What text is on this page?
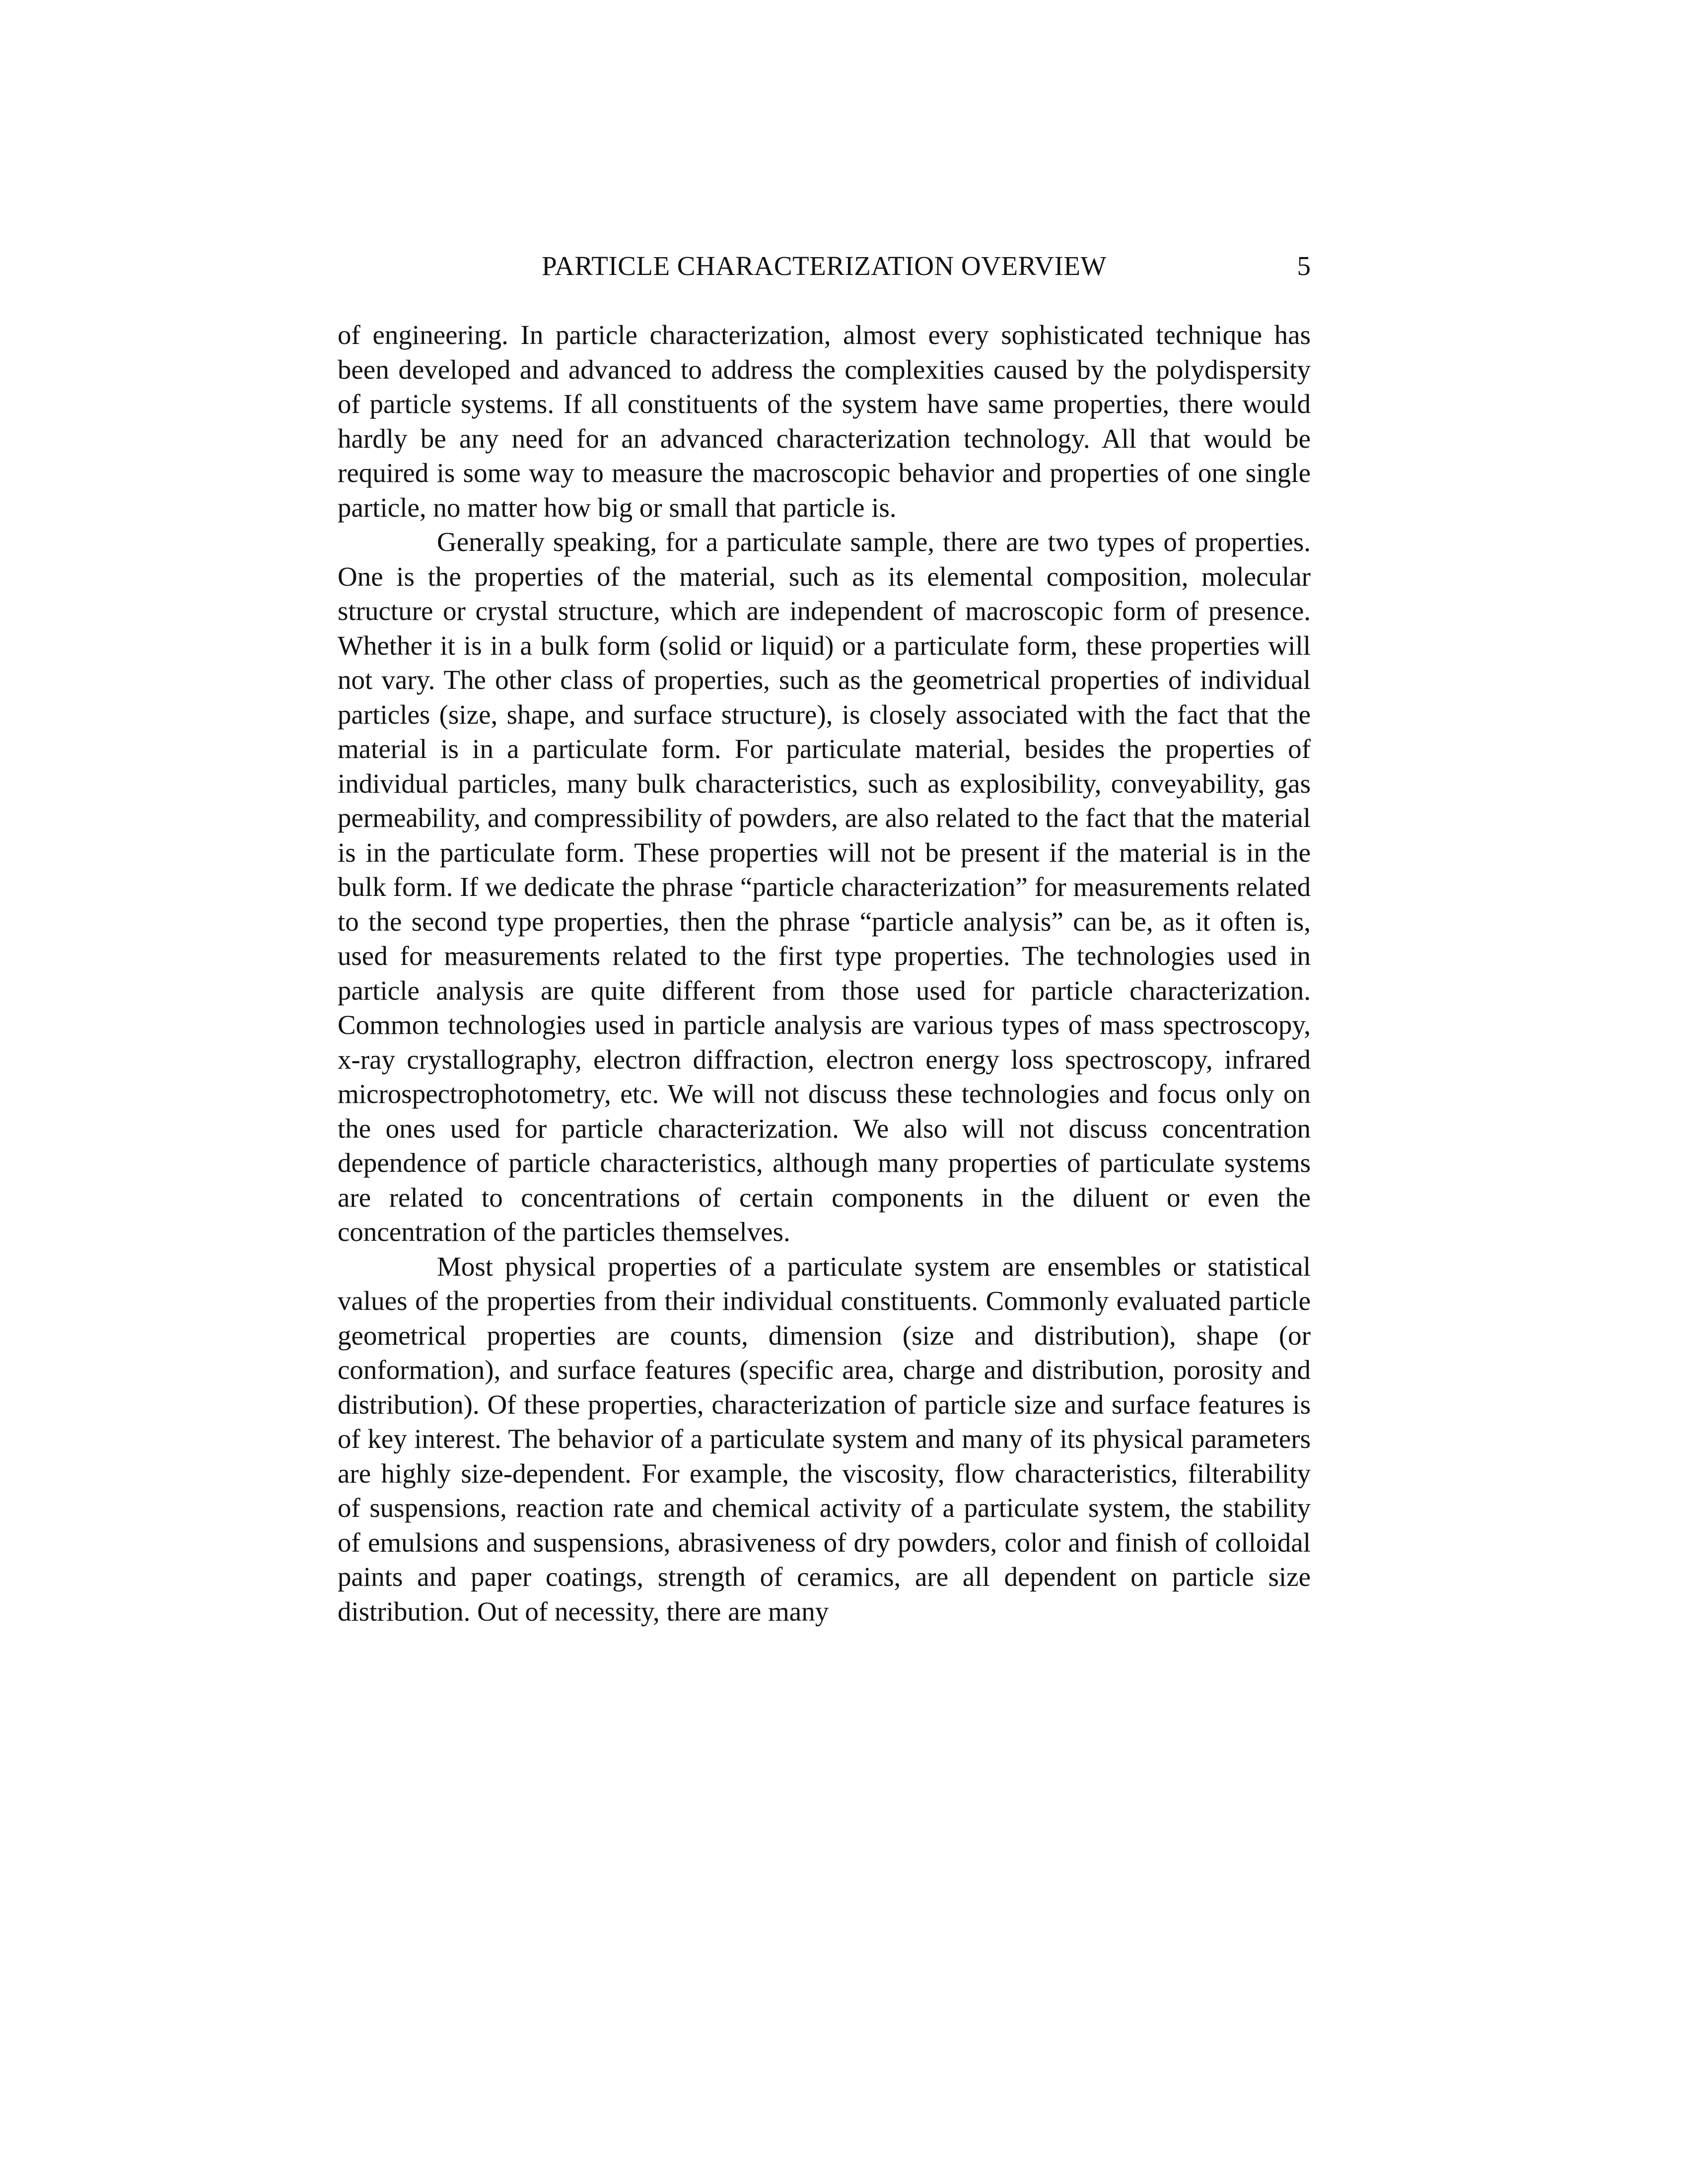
PARTICLE CHARACTERIZATION OVERVIEW	5

of engineering. In particle characterization, almost every sophisticated technique has been developed and advanced to address the complexities caused by the polydispersity of particle systems. If all constituents of the system have same properties, there would hardly be any need for an advanced characterization technology. All that would be required is some way to measure the macroscopic behavior and properties of one single particle, no matter how big or small that particle is.

Generally speaking, for a particulate sample, there are two types of properties. One is the properties of the material, such as its elemental composition, molecular structure or crystal structure, which are independent of macroscopic form of presence. Whether it is in a bulk form (solid or liquid) or a particulate form, these properties will not vary. The other class of properties, such as the geometrical properties of individual particles (size, shape, and surface structure), is closely associated with the fact that the material is in a particulate form. For particulate material, besides the properties of individual particles, many bulk characteristics, such as explosibility, conveyability, gas permeability, and compressibility of powders, are also related to the fact that the material is in the particulate form. These properties will not be present if the material is in the bulk form. If we dedicate the phrase “particle characterization” for measurements related to the second type properties, then the phrase “particle analysis” can be, as it often is, used for measurements related to the first type properties. The technologies used in particle analysis are quite different from those used for particle characterization. Common technologies used in particle analysis are various types of mass spectroscopy, x-ray crystallography, electron diffraction, electron energy loss spectroscopy, infrared microspectrophotometry, etc. We will not discuss these technologies and focus only on the ones used for particle characterization. We also will not discuss concentration dependence of particle characteristics, although many properties of particulate systems are related to concentrations of certain components in the diluent or even the concentration of the particles themselves.

Most physical properties of a particulate system are ensembles or statistical values of the properties from their individual constituents. Commonly evaluated particle geometrical properties are counts, dimension (size and distribution), shape (or conformation), and surface features (specific area, charge and distribution, porosity and distribution). Of these properties, characterization of particle size and surface features is of key interest. The behavior of a particulate system and many of its physical parameters are highly size-dependent. For example, the viscosity, flow characteristics, filterability of suspensions, reaction rate and chemical activity of a particulate system, the stability of emulsions and suspensions, abrasiveness of dry powders, color and finish of colloidal paints and paper coatings, strength of ceramics, are all dependent on particle size distribution. Out of necessity, there are many
